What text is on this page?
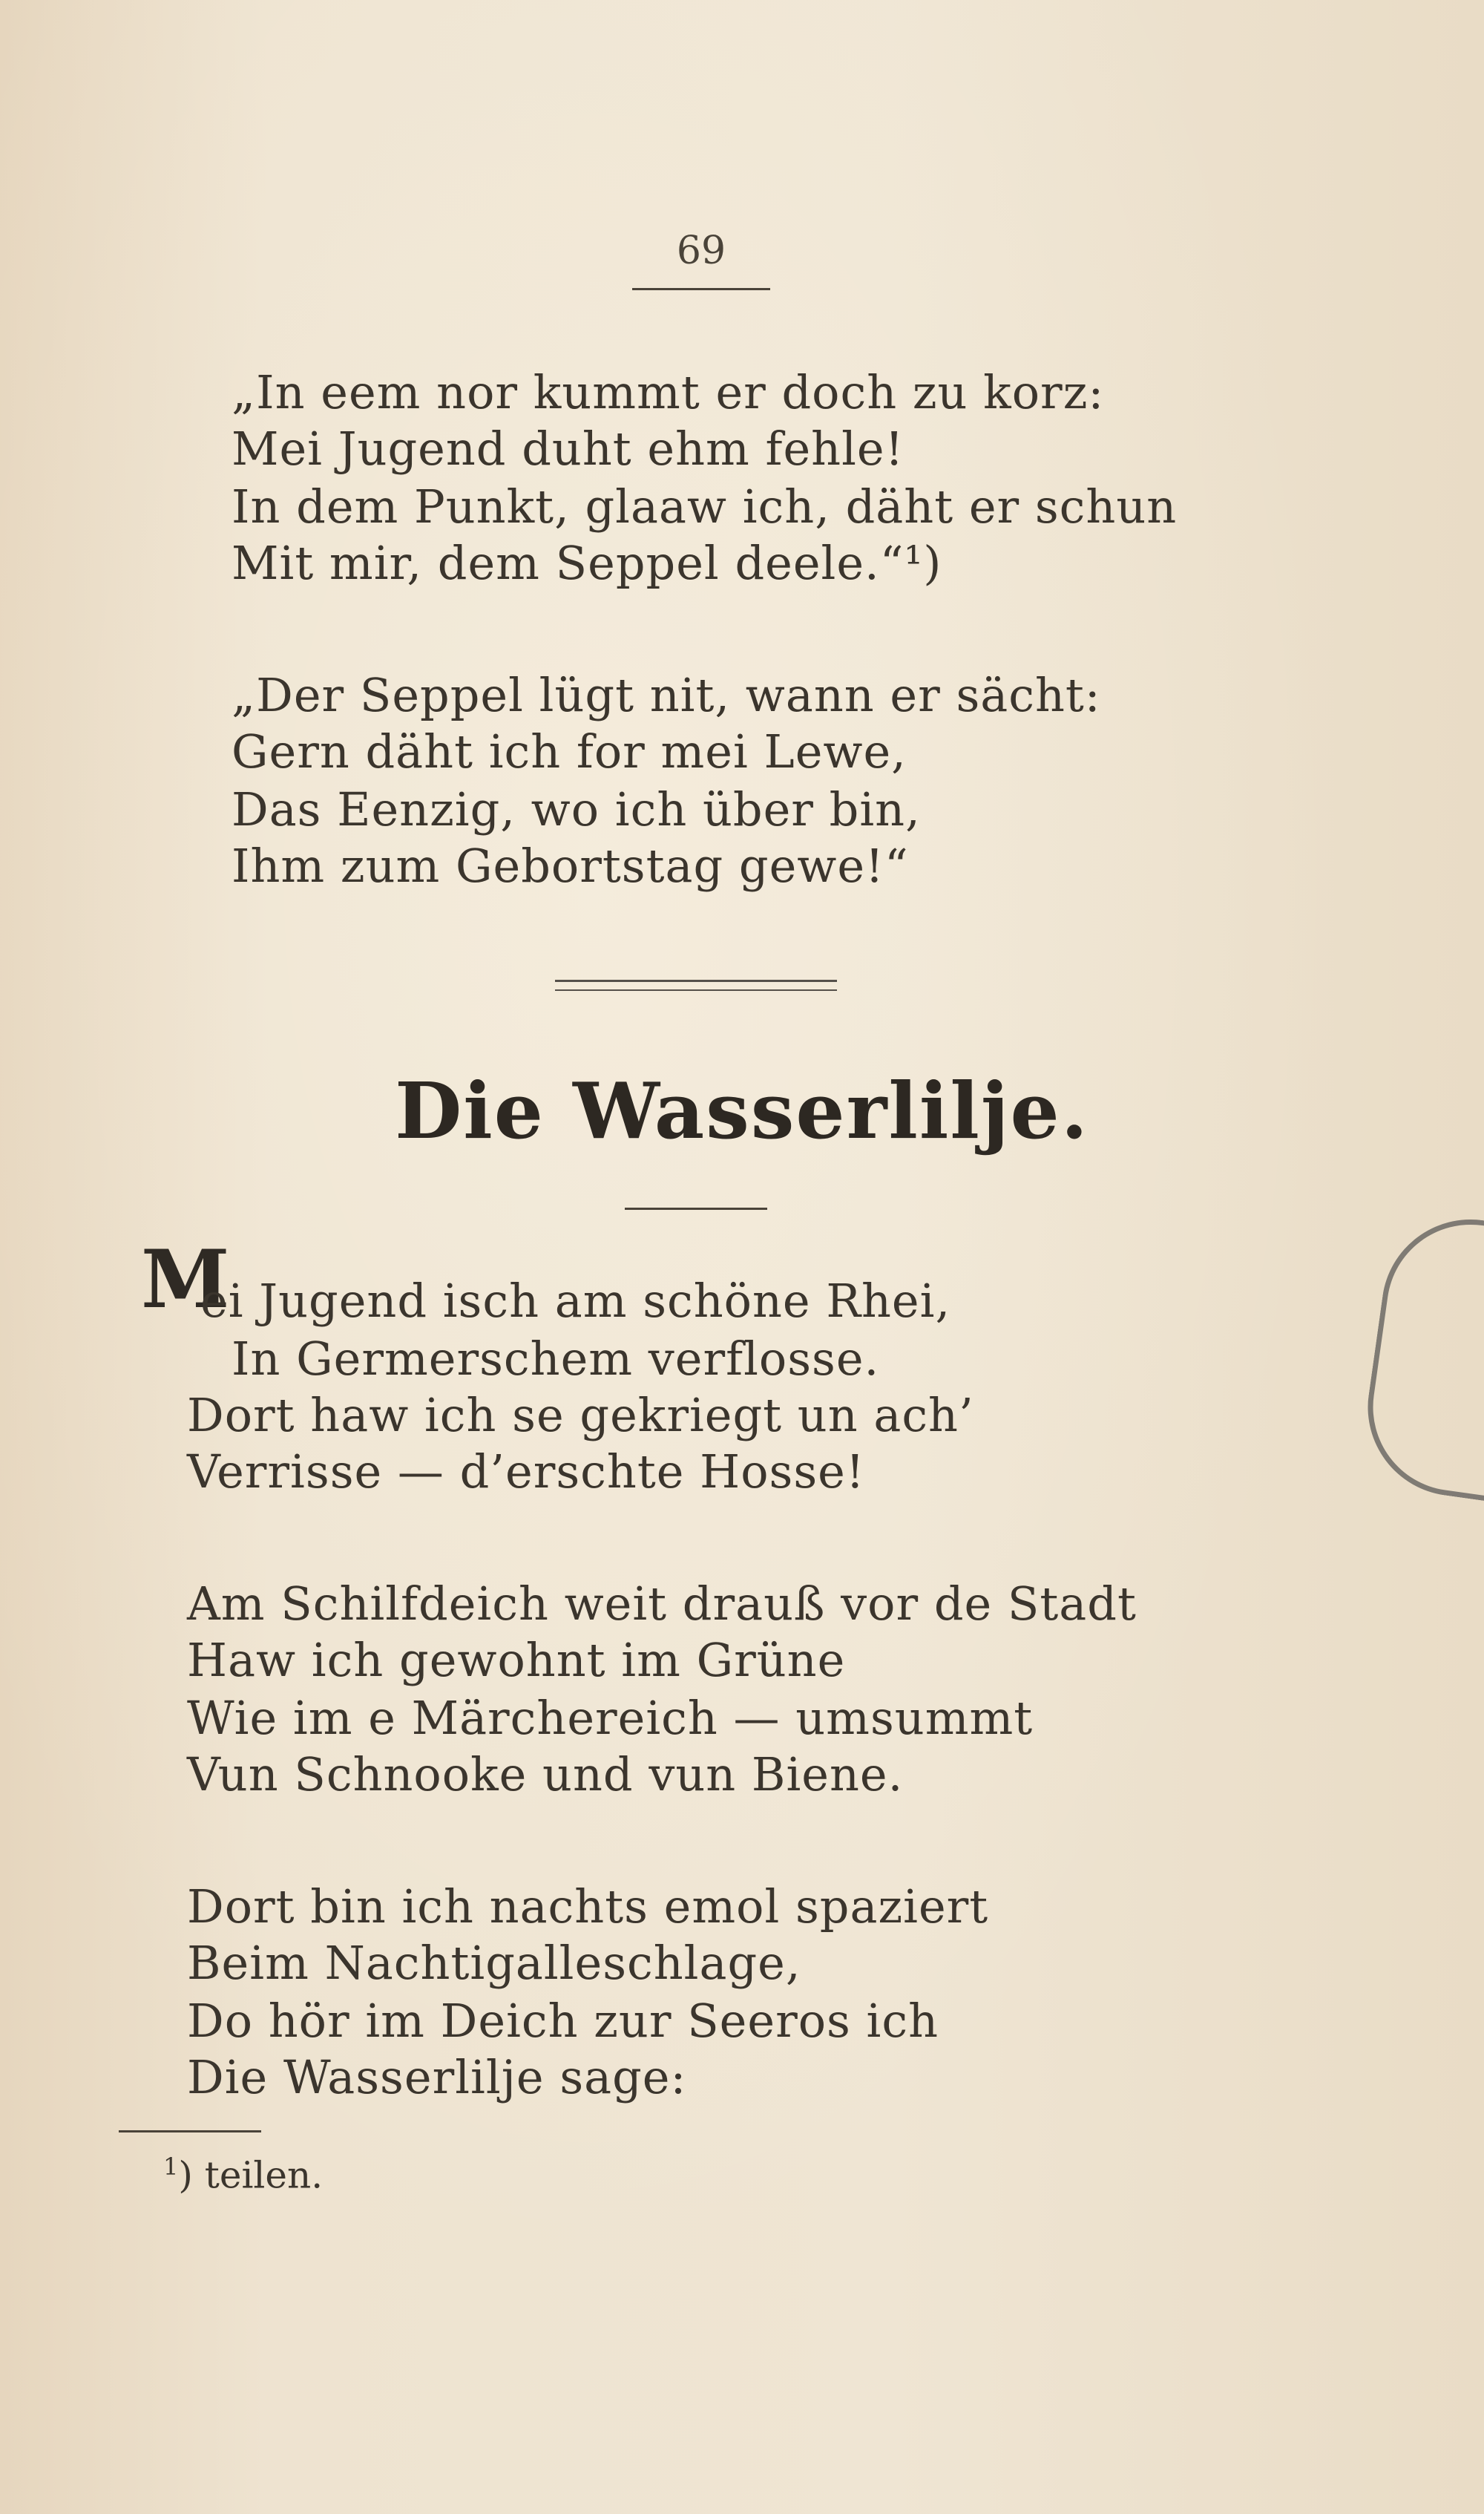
69
„In eem nor kummt er doch zu korz:
Mei Jugend duht ehm fehle!
In dem Punkt, glaaw ich, däht er schun
Mit mir, dem Seppel deele.“¹)
„Der Seppel lügt nit, wann er sächt:
Gern däht ich for mei Lewe,
Das Eenzig, wo ich über bin,
Ihm zum Gebortstag gewe!“
Die Wasserlilje.
M
ei Jugend isch am schöne Rhei,
In Germerschem verflosse.
Dort haw ich se gekriegt un ach’
Verrisse — d’erschte Hosse!
Am Schilfdeich weit drauß vor de Stadt
Haw ich gewohnt im Grüne
Wie im e Märchereich — umsummt
Vun Schnooke und vun Biene.
Dort bin ich nachts emol spaziert
Beim Nachtigalleschlage,
Do hör im Deich zur Seeros ich
Die Wasserlilje sage:
$^1$) teilen.
